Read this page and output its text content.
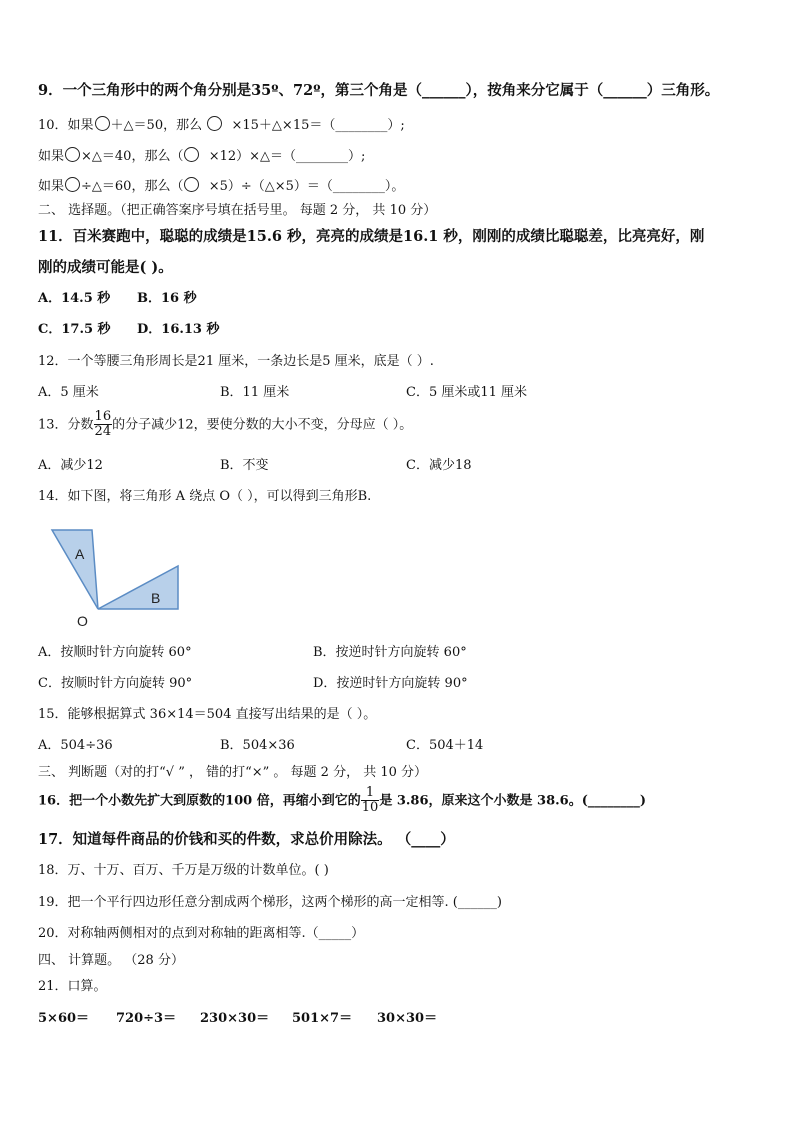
9．一个三角形中的两个角分别是35º、72º，第三个角是（______），按角来分它属于（______）三角形。
10．如果 ＋△＝50，那么 ×15＋△×15＝（________）;
如果 ×△＝40，那么（ ×12）×△＝（________）;
如果 ÷△＝60，那么（ ×5）÷（△×5）＝（________）。
二、 选择题。（把正确答案序号填在括号里。 每题 2 分， 共 10 分）
11．百米赛跑中，聪聪的成绩是15.6 秒，亮亮的成绩是16.1 秒，刚刚的成绩比聪聪差，比亮亮好，刚
刚的成绩可能是( )。
A．14.5 秒 B．16 秒
C．17.5 秒 D．16.13 秒
12．一个等腰三角形周长是21 厘米，一条边长是5 厘米，底是（ ）.
A．5 厘米	B．11 厘米	C．5 厘米或11 厘米
13．分数 $\frac{16}{24}$ 的分子减少12，要使分数的大小不变，分母应（ ）。
A．减少12	B．不变	C．减少18
14．如下图，将三角形 A 绕点 O（ ），可以得到三角形B.
A
B
O
A．按顺时针方向旋转 60°	B．按逆时针方向旋转 60°
C．按顺时针方向旋转 90°	D．按逆时针方向旋转 90°
15．能够根据算式 36×14＝504 直接写出结果的是（ ）。
A．504÷36	B．504×36	C．504＋14
三、 判断题（对的打“√ ” ， 错的打“×” 。 每题 2 分， 共 10 分）
16．把一个小数先扩大到原数的100 倍，再缩小到它的 $\frac{1}{10}$ 是 3.86，原来这个小数是 38.6。(________)
17．知道每件商品的价钱和买的件数，求总价用除法。 （____）
18．万、十万、百万、千万是万级的计数单位。( )
19．把一个平行四边形任意分割成两个梯形，这两个梯形的高一定相等. (______)
20．对称轴两侧相对的点到对称轴的距离相等.（_____）
四、 计算题。 （28 分）
21．口算。
5×60＝ 720÷3＝ 230×30＝ 501×7＝ 30×30＝
